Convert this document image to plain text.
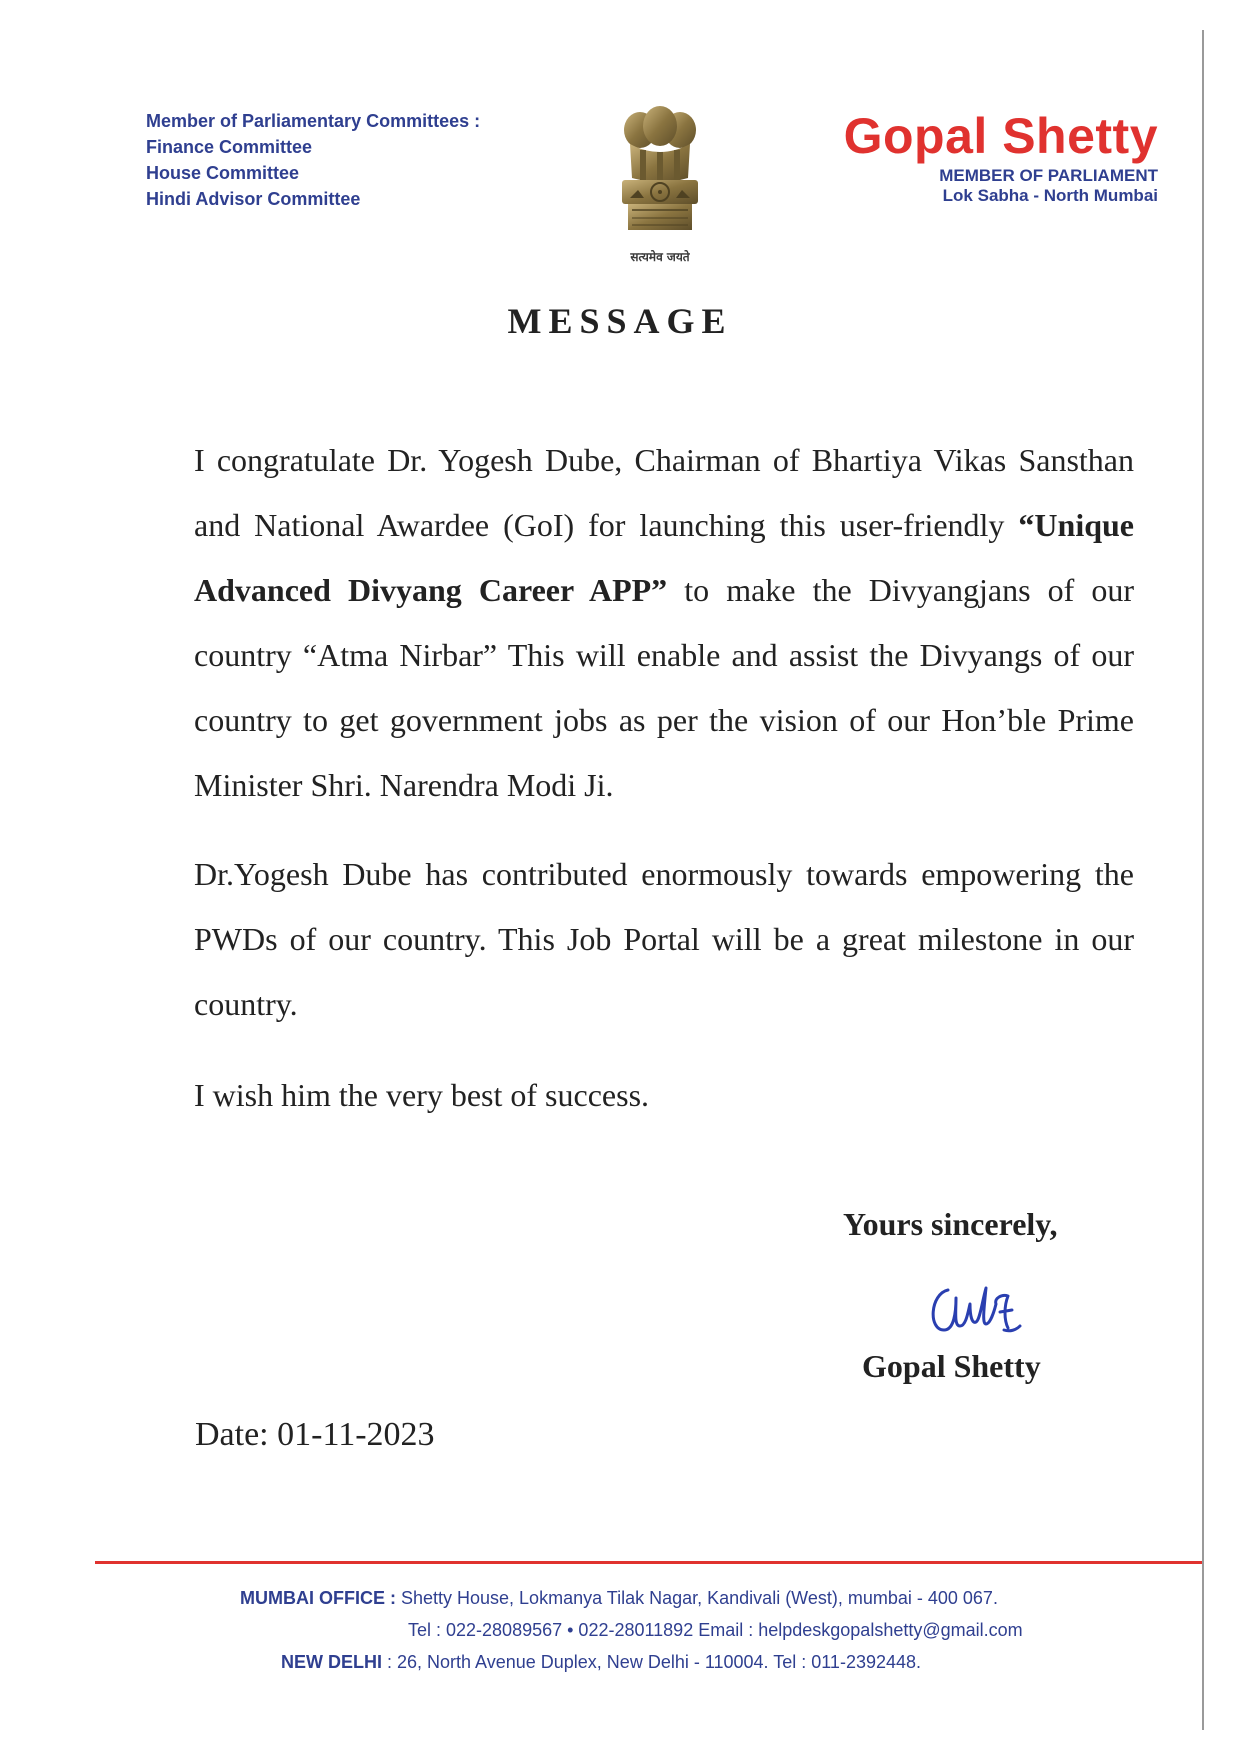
Member of Parliamentary Committees :
Finance Committee
House Committee
Hindi Advisor Committee
सत्यमेव जयते
Gopal Shetty
MEMBER OF PARLIAMENT
Lok Sabha - North Mumbai
MESSAGE

I congratulate Dr. Yogesh Dube, Chairman of Bhartiya Vikas Sansthan and National Awardee (GoI) for launching this user-friendly “Unique Advanced Divyang Career APP” to make the Divyangjans of our country “Atma Nirbar” This will enable and assist the Divyangs of our country to get government jobs as per the vision of our Hon’ble Prime Minister Shri. Narendra Modi Ji.

Dr.Yogesh Dube has contributed enormously towards empowering the PWDs of our country. This Job Portal will be a great milestone in our country.

I wish him the very best of success.

Yours sincerely,
Gopal Shetty
Date: 01-11-2023
MUMBAI OFFICE : Shetty House, Lokmanya Tilak Nagar, Kandivali (West), mumbai - 400 067.
Tel : 022-28089567 • 022-28011892 Email : helpdeskgopalshetty@gmail.com
NEW DELHI : 26, North Avenue Duplex, New Delhi - 110004. Tel : 011-2392448.
